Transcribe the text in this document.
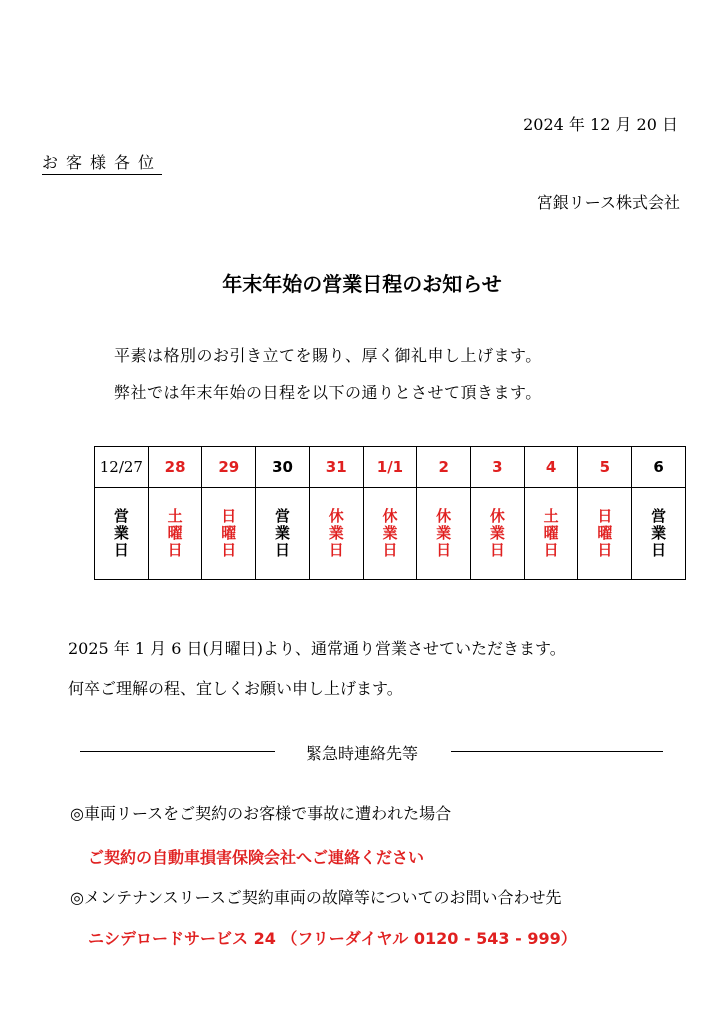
2024 年 12 月 20 日
お客様各位
宮銀リース株式会社
年末年始の営業日程のお知らせ
平素は格別のお引き立てを賜り、厚く御礼申し上げます。
弊社では年末年始の日程を以下の通りとさせて頂きます。
12/27	28	29	30	31	1/1	2	3	4	5	6
営業日	土曜日	日曜日	営業日	休業日	休業日	休業日	休業日	土曜日	日曜日	営業日
2025 年 1 月 6 日(月曜日)より、通常通り営業させていただきます。
何卒ご理解の程、宜しくお願い申し上げます。
緊急時連絡先等
◎車両リースをご契約のお客様で事故に遭われた場合
ご契約の自動車損害保険会社へご連絡ください
◎メンテナンスリースご契約車両の故障等についてのお問い合わせ先
ニシデロードサービス 24 （フリーダイヤル 0120 - 543 - 999）
